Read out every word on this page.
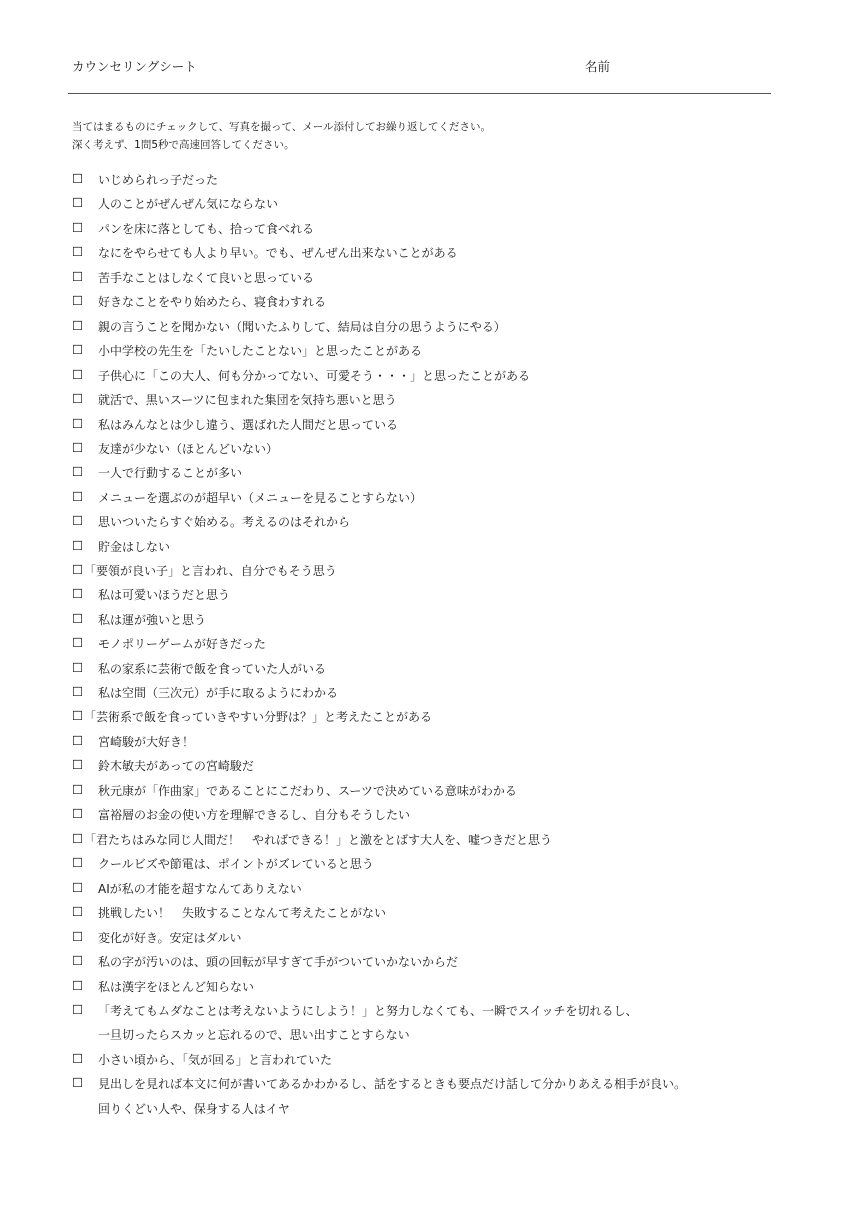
カウンセリングシート	名前
当てはまるものにチェックして、写真を撮って、メール添付してお繰り返してください。
深く考えず、1問5秒で高速回答してください。
☐ いじめられっ子だった
☐ 人のことがぜんぜん気にならない
☐ パンを床に落としても、拾って食べれる
☐ なにをやらせても人より早い。でも、ぜんぜん出来ないことがある
☐ 苦手なことはしなくて良いと思っている
☐ 好きなことをやり始めたら、寝食わすれる
☐ 親の言うことを聞かない（聞いたふりして、結局は自分の思うようにやる）
☐ 小中学校の先生を「たいしたことない」と思ったことがある
☐ 子供心に「この大人、何も分かってない、可愛そう・・・」と思ったことがある
☐ 就活で、黒いスーツに包まれた集団を気持ち悪いと思う
☐ 私はみんなとは少し違う、選ばれた人間だと思っている
☐ 友達が少ない（ほとんどいない）
☐ 一人で行動することが多い
☐ メニューを選ぶのが超早い（メニューを見ることすらない）
☐ 思いついたらすぐ始める。考えるのはそれから
☐ 貯金はしない
☐ 「要領が良い子」と言われ、自分でもそう思う
☐ 私は可愛いほうだと思う
☐ 私は運が強いと思う
☐ モノポリーゲームが好きだった
☐ 私の家系に芸術で飯を食っていた人がいる
☐ 私は空間（三次元）が手に取るようにわかる
☐ 「芸術系で飯を食っていきやすい分野は？」と考えたことがある
☐ 宮崎駿が大好き！
☐ 鈴木敏夫があっての宮崎駿だ
☐ 秋元康が「作曲家」であることにこだわり、スーツで決めている意味がわかる
☐ 富裕層のお金の使い方を理解できるし、自分もそうしたい
☐ 「君たちはみな同じ人間だ！　やればできる！」と激をとばす大人を、嘘つきだと思う
☐ クールビズや節電は、ポイントがズレていると思う
☐ AIが私の才能を超すなんてありえない
☐ 挑戦したい！　失敗することなんて考えたことがない
☐ 変化が好き。安定はダルい
☐ 私の字が汚いのは、頭の回転が早すぎて手がついていかないからだ
☐ 私は漢字をほとんど知らない
☐ 「考えてもムダなことは考えないようにしよう！」と努力しなくても、一瞬でスイッチを切れるし、
☐ 小さい頃から、「気が回る」と言われていた
☐ 見出しを見れば本文に何が書いてあるかわかるし、話をするときも要点だけ話して分かりあえる相手が良い。
一旦切ったらスカッと忘れるので、思い出すことすらない
回りくどい人や、保身する人はイヤ
